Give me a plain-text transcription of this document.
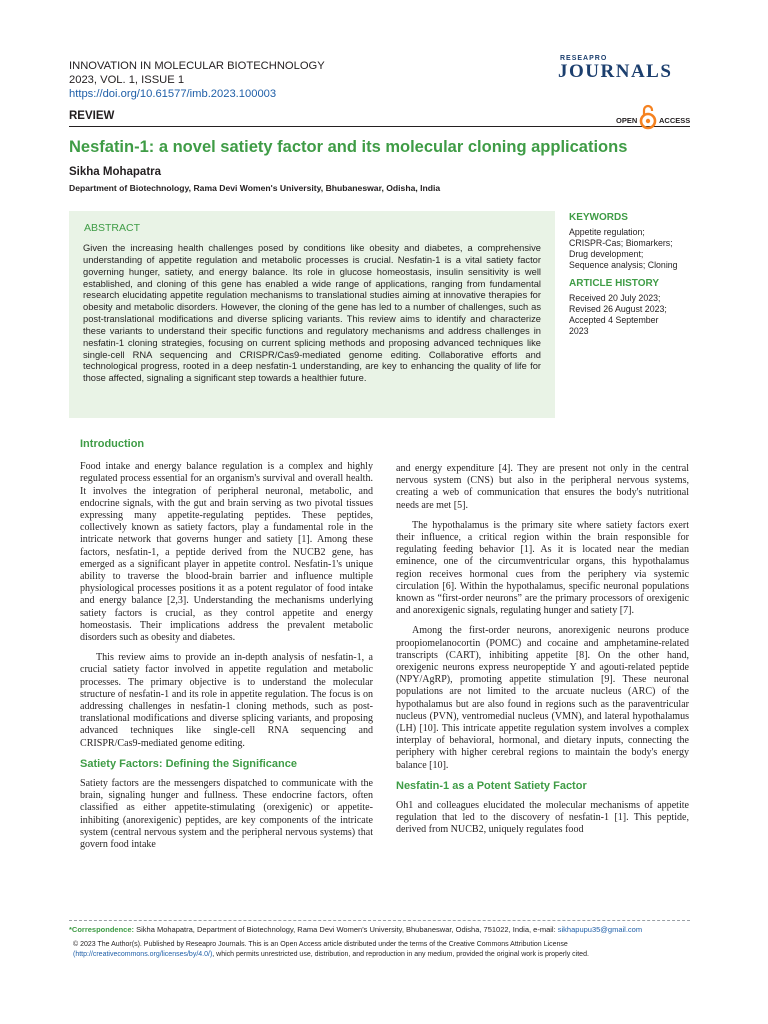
INNOVATION IN MOLECULAR BIOTECHNOLOGY
2023, VOL. 1, ISSUE 1
https://doi.org/10.61577/imb.2023.100003
RESEAPRO
JOURNALS
REVIEW	OPEN	ACCESS
Nesfatin-1: a novel satiety factor and its molecular cloning applications
Sikha Mohapatra
Department of Biotechnology, Rama Devi Women's University, Bhubaneswar, Odisha, India
ABSTRACT

Given the increasing health challenges posed by conditions like obesity and diabetes, a comprehensive understanding of appetite regulation and metabolic processes is crucial. Nesfatin-1 is a vital satiety factor governing hunger, satiety, and energy balance. Its role in glucose homeostasis, insulin sensitivity is well established, and cloning of this gene has enabled a wide range of applications, ranging from fundamental research elucidating appetite regulation mechanisms to translational studies aiming at innovative therapies for obesity and metabolic disorders. However, the cloning of the gene has led to a number of challenges, such as post-translational modifications and diverse splicing variants. This review aims to identify and characterize these variants to understand their specific functions and regulatory mechanisms and address challenges in nesfatin-1 cloning strategies, focusing on current splicing methods and proposing advanced techniques like single-cell RNA sequencing and CRISPR/Cas9-mediated genome editing. Collaborative efforts and technological progress, rooted in a deep nesfatin-1 understanding, are key to enhancing the quality of life for those affected, signaling a significant step towards a healthier future.

KEYWORDS
Appetite regulation;
CRISPR-Cas; Biomarkers;
Drug development;
Sequence analysis; Cloning
ARTICLE HISTORY
Received 20 July 2023;
Revised 26 August 2023;
Accepted 4 September
2023
Introduction

Food intake and energy balance regulation is a complex and highly regulated process essential for an organism's survival and overall health. It involves the integration of peripheral neuronal, metabolic, and endocrine signals, with the gut and brain serving as two pivotal tissues expressing many appetite-regulating peptides. These peptides, collectively known as satiety factors, play a fundamental role in the intricate network that governs hunger and satiety [1]. Among these factors, nesfatin-1, a peptide derived from the NUCB2 gene, has emerged as a significant player in appetite control. Nesfatin-1's unique ability to traverse the blood-brain barrier and influence multiple physiological processes positions it as a potent regulator of food intake and energy balance [2,3]. Understanding the mechanisms underlying satiety factors is crucial, as they control appetite and energy homeostasis. Their implications address the prevalent metabolic disorders such as obesity and diabetes.

This review aims to provide an in-depth analysis of nesfatin-1, a crucial satiety factor involved in appetite regulation and metabolic processes. The primary objective is to understand the molecular structure of nesfatin-1 and its role in appetite regulation. The focus is on addressing challenges in nesfatin-1 cloning methods, such as post-translational modifications and diverse splicing variants, and proposing advanced techniques like single-cell RNA sequencing and CRISPR/Cas9-mediated genome editing.

Satiety Factors: Defining the Significance

Satiety factors are the messengers dispatched to communicate with the brain, signaling hunger and fullness. These endocrine factors, often classified as either appetite-stimulating (orexigenic) or appetite-inhibiting (anorexigenic) peptides, are key components of the intricate system (central nervous system and the peripheral nervous systems) that govern food intake

and energy expenditure [4]. They are present not only in the central nervous system (CNS) but also in the peripheral nervous systems, creating a web of communication that ensures the body's nutritional needs are met [5].

The hypothalamus is the primary site where satiety factors exert their influence, a critical region within the brain responsible for regulating feeding behavior [1]. As it is located near the median eminence, one of the circumventricular organs, this hypothalamus region receives hormonal cues from the periphery via systemic circulation [6]. Within the hypothalamus, specific neuronal populations known as “first-order neurons” are the primary processors of orexigenic and anorexigenic signals, regulating hunger and satiety [7].

Among the first-order neurons, anorexigenic neurons produce proopiomelanocortin (POMC) and cocaine and amphetamine-related transcripts (CART), inhibiting appetite [8]. On the other hand, orexigenic neurons express neuropeptide Y and agouti-related peptide (NPY/AgRP), promoting appetite stimulation [9]. These neuronal populations are not limited to the arcuate nucleus (ARC) of the hypothalamus but are also found in regions such as the paraventricular nucleus (PVN), ventromedial nucleus (VMN), and lateral hypothalamus (LH) [10]. This intricate appetite regulation system involves a complex interplay of behavioral, hormonal, and dietary inputs, connecting the periphery with higher cerebral regions to maintain the body's energy balance [10].

Nesfatin-1 as a Potent Satiety Factor

Oh1 and colleagues elucidated the molecular mechanisms of appetite regulation that led to the discovery of nesfatin-1 [1]. This peptide, derived from NUCB2, uniquely regulates food

*Correspondence: Sikha Mohapatra, Department of Biotechnology, Rama Devi Women's University, Bhubaneswar, Odisha, 751022, India, e-mail: sikhapupu35@gmail.com
© 2023 The Author(s). Published by Reseapro Journals. This is an Open Access article distributed under the terms of the Creative Commons Attribution License
(http://creativecommons.org/licenses/by/4.0/), which permits unrestricted use, distribution, and reproduction in any medium, provided the original work is properly cited.
